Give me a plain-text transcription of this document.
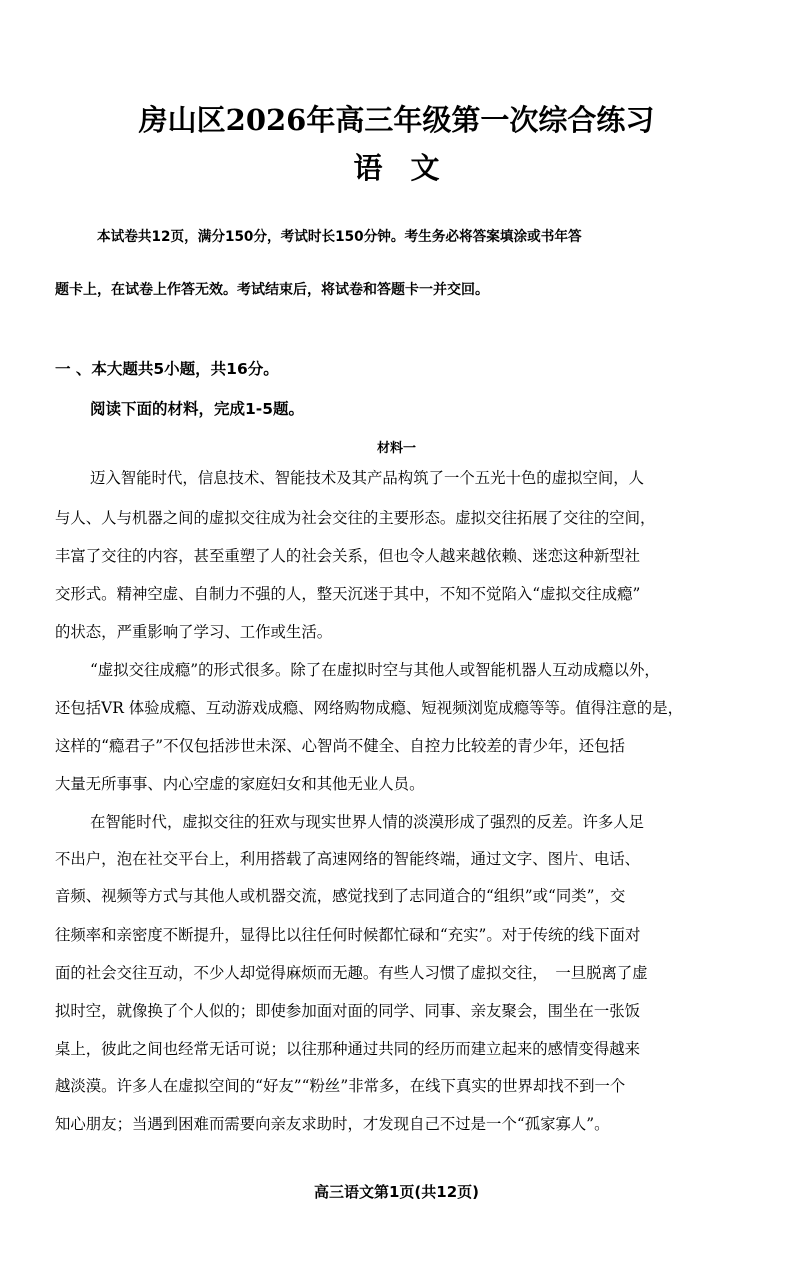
房山区2026年高三年级第一次综合练习
语 文
本试卷共12页，满分150分，考试时长150分钟。考生务必将答案填涂或书年答
题卡上，在试卷上作答无效。考试结束后，将试卷和答题卡一并交回。
一 、本大题共5小题，共16分。
阅读下面的材料，完成1-5题。
材料一
迈入智能时代，信息技术、智能技术及其产品构筑了一个五光十色的虚拟空间，人
与人、人与机器之间的虚拟交往成为社会交往的主要形态。虚拟交往拓展了交往的空间，
丰富了交往的内容，甚至重塑了人的社会关系，但也令人越来越依赖、迷恋这种新型社
交形式。精神空虚、自制力不强的人，整天沉迷于其中，不知不觉陷入“虚拟交往成瘾”
的状态，严重影响了学习、工作或生活。
“虚拟交往成瘾”的形式很多。除了在虚拟时空与其他人或智能机器人互动成瘾以外，
还包括VR 体验成瘾、互动游戏成瘾、网络购物成瘾、短视频浏览成瘾等等。值得注意的是，
这样的“瘾君子”不仅包括涉世未深、心智尚不健全、自控力比较差的青少年，还包括
大量无所事事、内心空虚的家庭妇女和其他无业人员。
在智能时代，虚拟交往的狂欢与现实世界人情的淡漠形成了强烈的反差。许多人足
不出户，泡在社交平台上，利用搭载了高速网络的智能终端，通过文字、图片、电话、
音频、视频等方式与其他人或机器交流，感觉找到了志同道合的“组织”或“同类”，交
往频率和亲密度不断提升，显得比以往任何时候都忙碌和“充实”。对于传统的线下面对
面的社会交往互动，不少人却觉得麻烦而无趣。有些人习惯了虚拟交往，　一旦脱离了虚
拟时空，就像换了个人似的；即使参加面对面的同学、同事、亲友聚会，围坐在一张饭
桌上，彼此之间也经常无话可说；以往那种通过共同的经历而建立起来的感情变得越来
越淡漠。许多人在虚拟空间的“好友”“粉丝”非常多，在线下真实的世界却找不到一个
知心朋友；当遇到困难而需要向亲友求助时，才发现自己不过是一个“孤家寡人”。
高三语文第1页(共12页)
